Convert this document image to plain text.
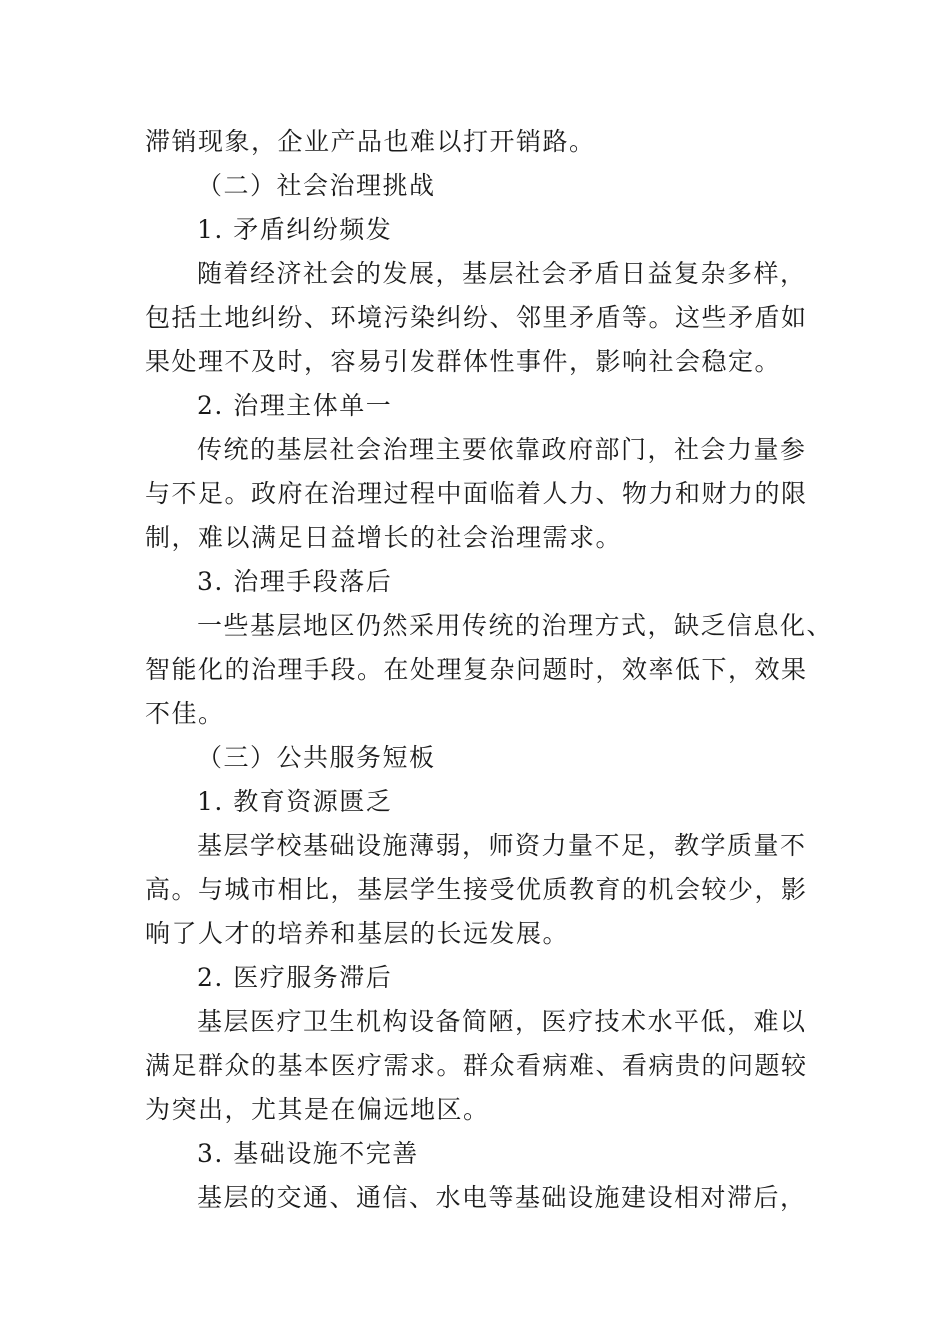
滞销现象，企业产品也难以打开销路。
（二）社会治理挑战
1. 矛盾纠纷频发
随着经济社会的发展，基层社会矛盾日益复杂多样，
包括土地纠纷、环境污染纠纷、邻里矛盾等。这些矛盾如
果处理不及时，容易引发群体性事件，影响社会稳定。
2. 治理主体单一
传统的基层社会治理主要依靠政府部门，社会力量参
与不足。政府在治理过程中面临着人力、物力和财力的限
制，难以满足日益增长的社会治理需求。
3. 治理手段落后
一些基层地区仍然采用传统的治理方式，缺乏信息化、
智能化的治理手段。在处理复杂问题时，效率低下，效果
不佳。
（三）公共服务短板
1. 教育资源匮乏
基层学校基础设施薄弱，师资力量不足，教学质量不
高。与城市相比，基层学生接受优质教育的机会较少，影
响了人才的培养和基层的长远发展。
2. 医疗服务滞后
基层医疗卫生机构设备简陋，医疗技术水平低，难以
满足群众的基本医疗需求。群众看病难、看病贵的问题较
为突出，尤其是在偏远地区。
3. 基础设施不完善
基层的交通、通信、水电等基础设施建设相对滞后，
